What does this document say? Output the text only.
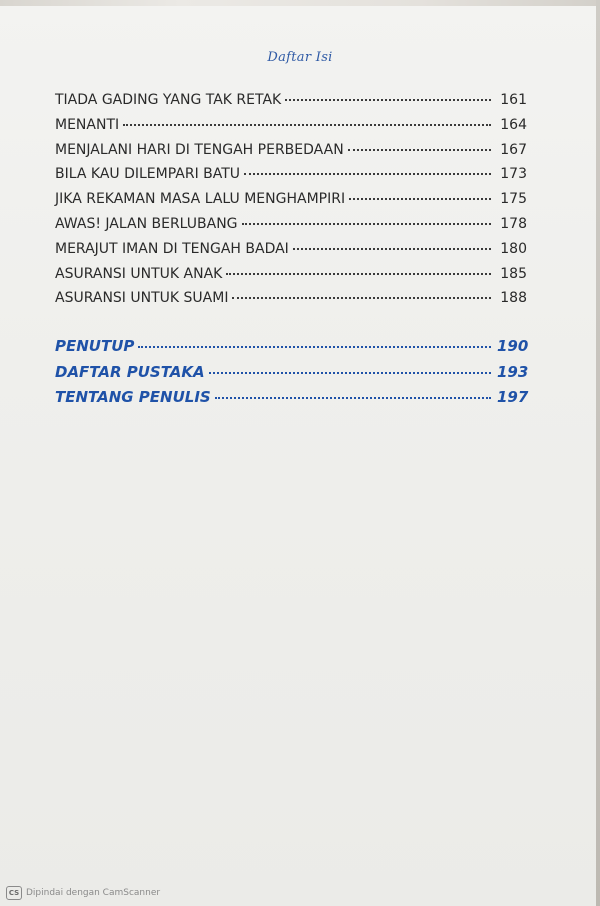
Daftar Isi
TIADA GADING YANG TAK RETAK	161
MENANTI	164
MENJALANI HARI DI TENGAH PERBEDAAN	167
BILA KAU DILEMPARI BATU	173
JIKA REKAMAN MASA LALU MENGHAMPIRI	175
AWAS! JALAN BERLUBANG	178
MERAJUT IMAN DI TENGAH BADAI	180
ASURANSI UNTUK ANAK	185
ASURANSI UNTUK SUAMI	188
PENUTUP	190
DAFTAR PUSTAKA	193
TENTANG PENULIS	197
CS Dipindai dengan CamScanner
